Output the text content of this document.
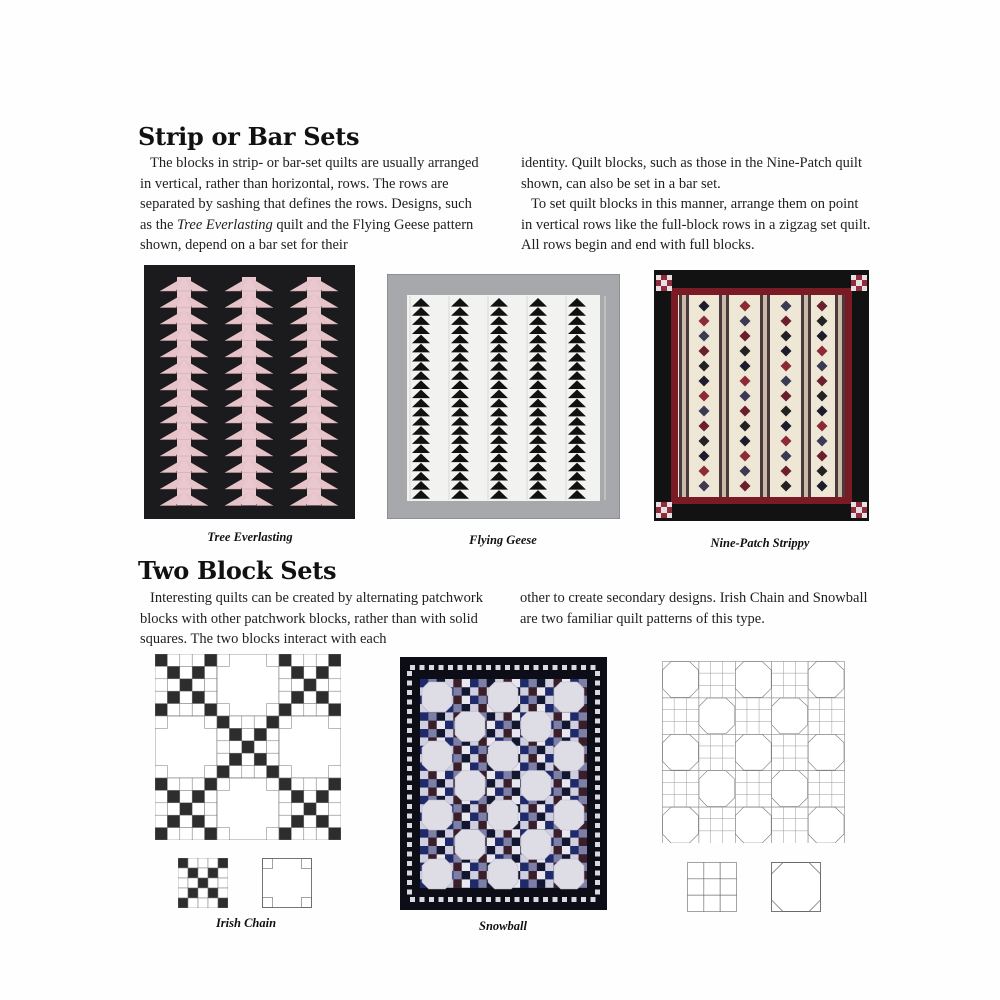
Strip or Bar Sets

The blocks in strip- or bar-set quilts are usually arranged in vertical, rather than horizontal, rows. The rows are separated by sashing that defines the rows. Designs, such as the Tree Everlasting quilt and the Flying Geese pattern shown, depend on a bar set for their

identity. Quilt blocks, such as those in the Nine-Patch quilt shown, can also be set in a bar set.

To set quilt blocks in this manner, arrange them on point in vertical rows like the full-block rows in a zigzag set quilt. All rows begin and end with full blocks.

Tree Everlasting	Flying Geese	Nine-Patch Strippy

Two Block Sets

Interesting quilts can be created by alternating patchwork blocks with other patchwork blocks, rather than with solid squares. The two blocks interact with each

other to create secondary designs. Irish Chain and Snowball are two familiar quilt patterns of this type.

Irish Chain	Snowball
